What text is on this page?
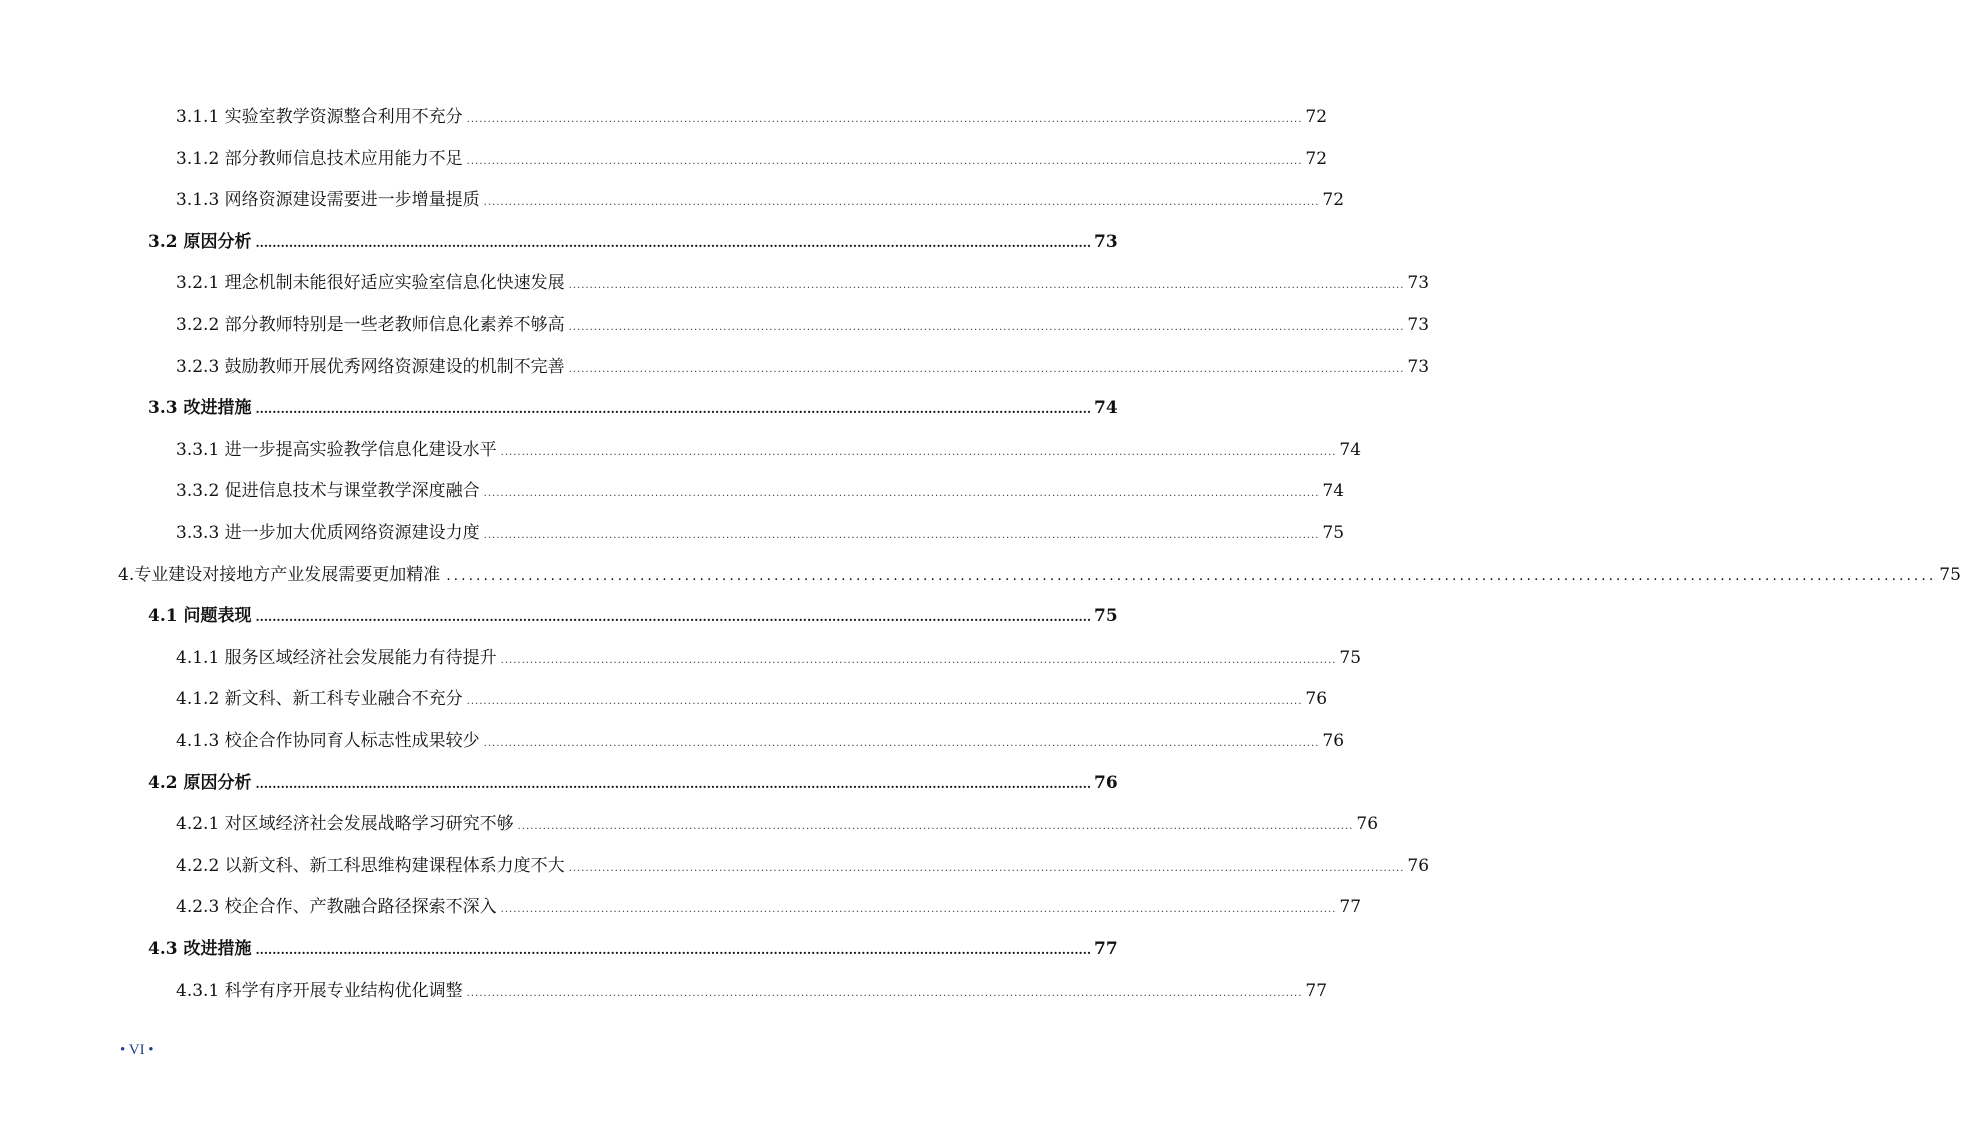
3.1.1 实验室教学资源整合利用不充分 ........................................................................................................................................................................................................ 72
3.1.2 部分教师信息技术应用能力不足 ........................................................................................................................................................................................................ 72
3.1.3 网络资源建设需要进一步增量提质 ........................................................................................................................................................................................................ 72
3.2 原因分析 ........................................................................................................................................................................................................ 73
3.2.1 理念机制未能很好适应实验室信息化快速发展 ........................................................................................................................................................................................................ 73
3.2.2 部分教师特别是一些老教师信息化素养不够高 ........................................................................................................................................................................................................ 73
3.2.3 鼓励教师开展优秀网络资源建设的机制不完善 ........................................................................................................................................................................................................ 73
3.3 改进措施 ........................................................................................................................................................................................................ 74
3.3.1 进一步提高实验教学信息化建设水平 ........................................................................................................................................................................................................ 74
3.3.2 促进信息技术与课堂教学深度融合 ........................................................................................................................................................................................................ 74
3.3.3 进一步加大优质网络资源建设力度 ........................................................................................................................................................................................................ 75
4.专业建设对接地方产业发展需要更加精准 ........................................................................................................................................................................................................ 75
4.1 问题表现 ........................................................................................................................................................................................................ 75
4.1.1 服务区域经济社会发展能力有待提升 ........................................................................................................................................................................................................ 75
4.1.2 新文科、新工科专业融合不充分 ........................................................................................................................................................................................................ 76
4.1.3 校企合作协同育人标志性成果较少 ........................................................................................................................................................................................................ 76
4.2 原因分析 ........................................................................................................................................................................................................ 76
4.2.1 对区域经济社会发展战略学习研究不够 ........................................................................................................................................................................................................ 76
4.2.2 以新文科、新工科思维构建课程体系力度不大 ........................................................................................................................................................................................................ 76
4.2.3 校企合作、产教融合路径探索不深入 ........................................................................................................................................................................................................ 77
4.3 改进措施 ........................................................................................................................................................................................................ 77
4.3.1 科学有序开展专业结构优化调整 ........................................................................................................................................................................................................ 77
• VI •
